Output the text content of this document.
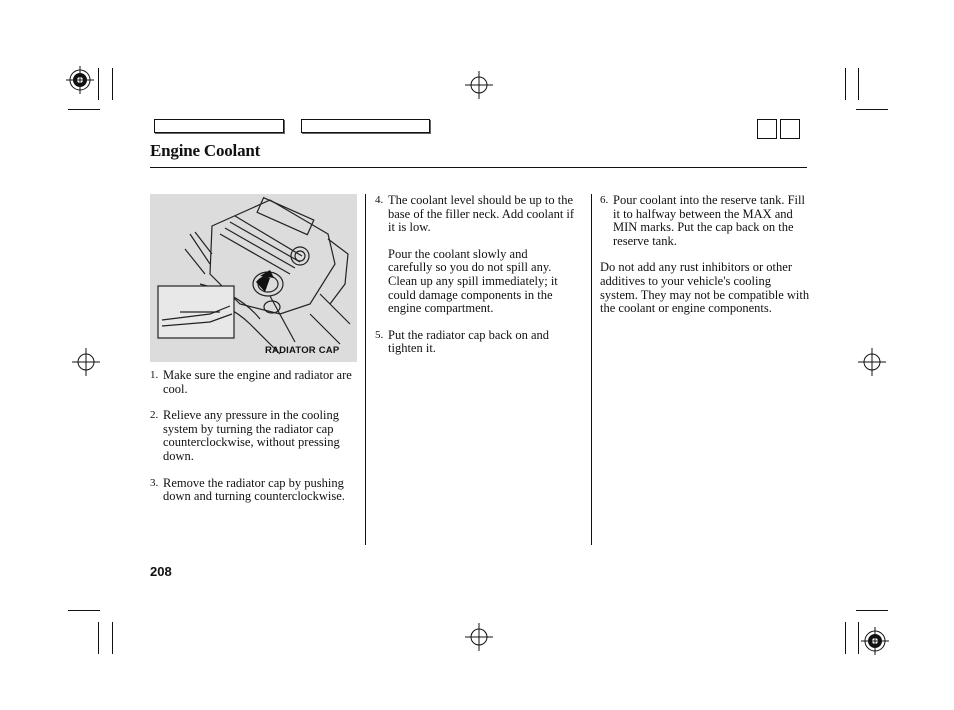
Engine Coolant
RADIATOR CAP
1. Make sure the engine and radiator are cool.
2. Relieve any pressure in the cooling system by turning the radiator cap counterclockwise, without pressing down.
3. Remove the radiator cap by pushing down and turning counterclockwise.
4. The coolant level should be up to the base of the filler neck. Add coolant if it is low.
Pour the coolant slowly and carefully so you do not spill any. Clean up any spill immediately; it could damage components in the engine compartment.
5. Put the radiator cap back on and tighten it.
6. Pour coolant into the reserve tank. Fill it to halfway between the MAX and MIN marks. Put the cap back on the reserve tank.
Do not add any rust inhibitors or other additives to your vehicle's cooling system. They may not be compatible with the coolant or engine components.
208
